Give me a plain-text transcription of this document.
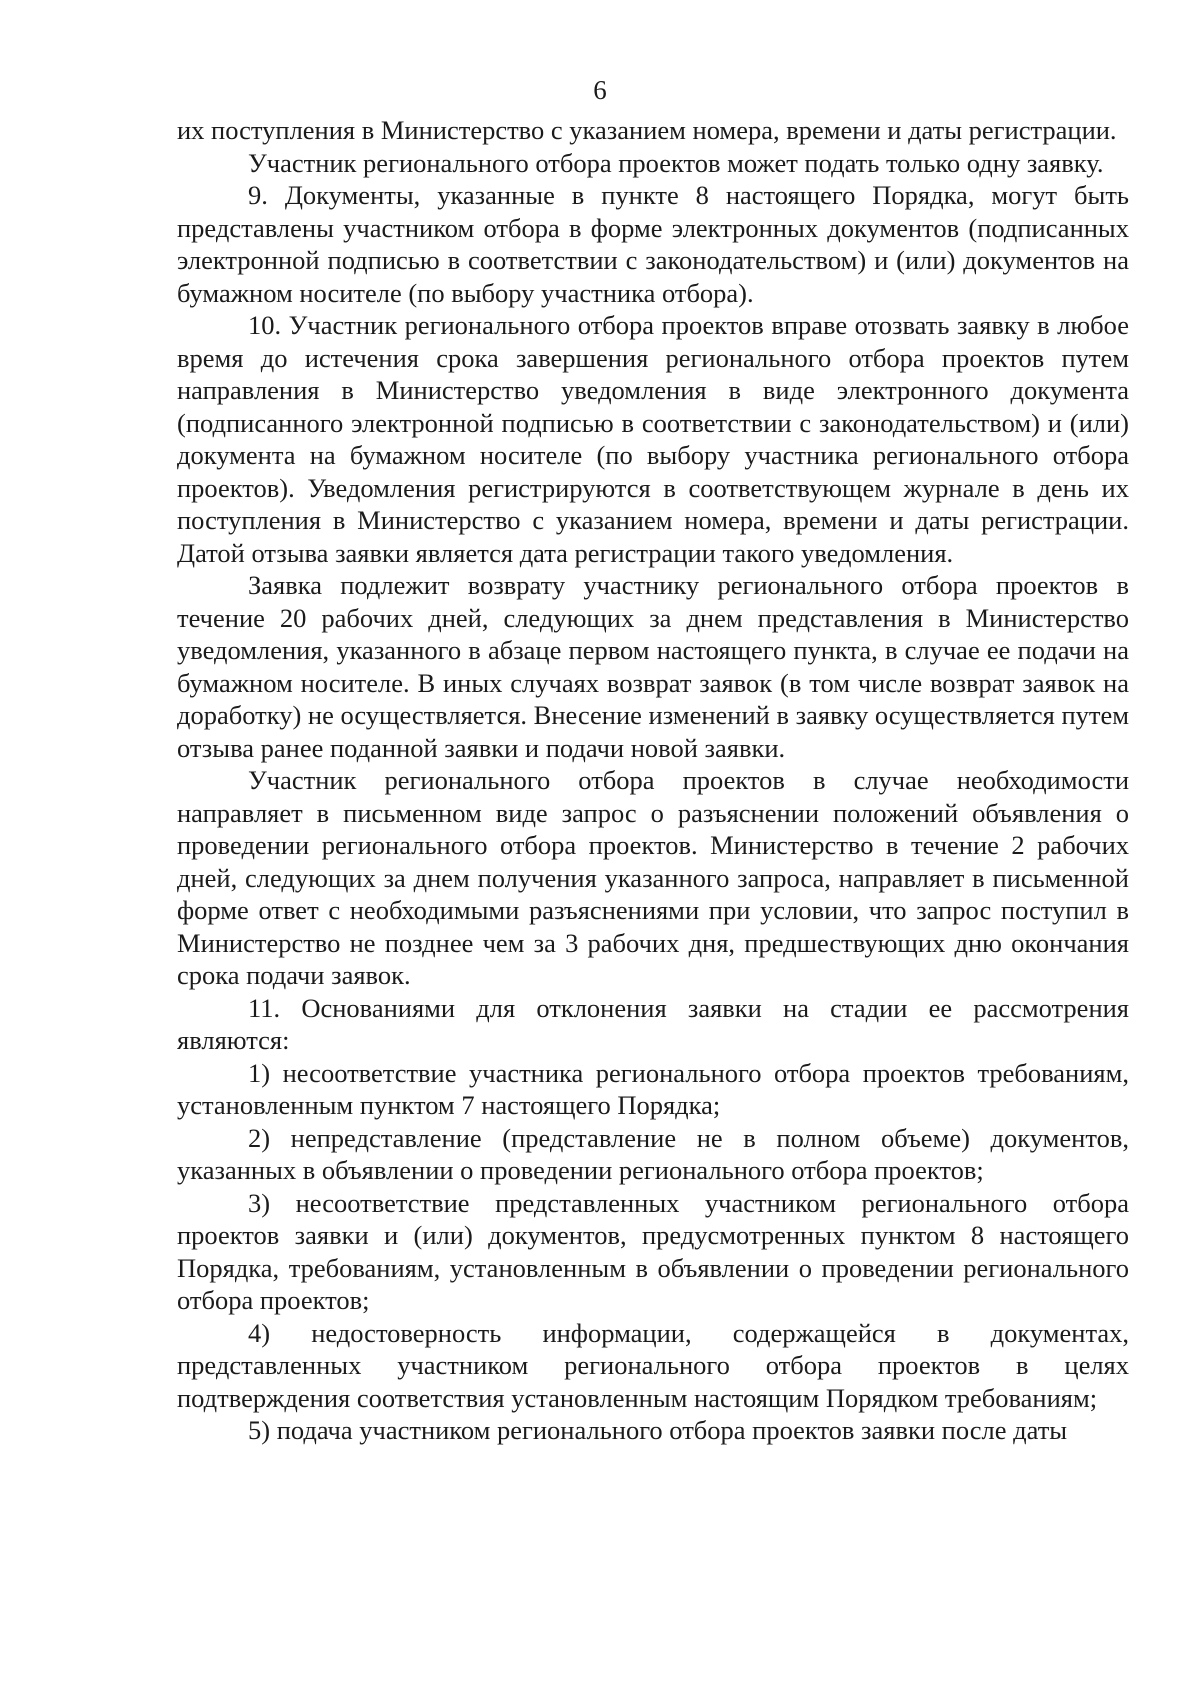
6

их поступления в Министерство с указанием номера, времени и даты регистрации.

Участник регионального отбора проектов может подать только одну заявку.

9. Документы, указанные в пункте 8 настоящего Порядка, могут быть представлены участником отбора в форме электронных документов (подписанных электронной подписью в соответствии с законодательством) и (или) документов на бумажном носителе (по выбору участника отбора).

10. Участник регионального отбора проектов вправе отозвать заявку в любое время до истечения срока завершения регионального отбора проектов путем направления в Министерство уведомления в виде электронного документа (подписанного электронной подписью в соответствии с законодательством) и (или) документа на бумажном носителе (по выбору участника регионального отбора проектов). Уведомления регистрируются в соответствующем журнале в день их поступления в Министерство с указанием номера, времени и даты регистрации. Датой отзыва заявки является дата регистрации такого уведомления.

Заявка подлежит возврату участнику регионального отбора проектов в течение 20 рабочих дней, следующих за днем представления в Министерство уведомления, указанного в абзаце первом настоящего пункта, в случае ее подачи на бумажном носителе. В иных случаях возврат заявок (в том числе возврат заявок на доработку) не осуществляется. Внесение изменений в заявку осуществляется путем отзыва ранее поданной заявки и подачи новой заявки.

Участник регионального отбора проектов в случае необходимости направляет в письменном виде запрос о разъяснении положений объявления о проведении регионального отбора проектов. Министерство в течение 2 рабочих дней, следующих за днем получения указанного запроса, направляет в письменной форме ответ с необходимыми разъяснениями при условии, что запрос поступил в Министерство не позднее чем за 3 рабочих дня, предшествующих дню окончания срока подачи заявок.

11. Основаниями для отклонения заявки на стадии ее рассмотрения являются:

1) несоответствие участника регионального отбора проектов требованиям, установленным пунктом 7 настоящего Порядка;

2) непредставление (представление не в полном объеме) документов, указанных в объявлении о проведении регионального отбора проектов;

3) несоответствие представленных участником регионального отбора проектов заявки и (или) документов, предусмотренных пунктом 8 настоящего Порядка, требованиям, установленным в объявлении о проведении регионального отбора проектов;

4) недостоверность информации, содержащейся в документах, представленных участником регионального отбора проектов в целях подтверждения соответствия установленным настоящим Порядком требованиям;

5) подача участником регионального отбора проектов заявки после даты
